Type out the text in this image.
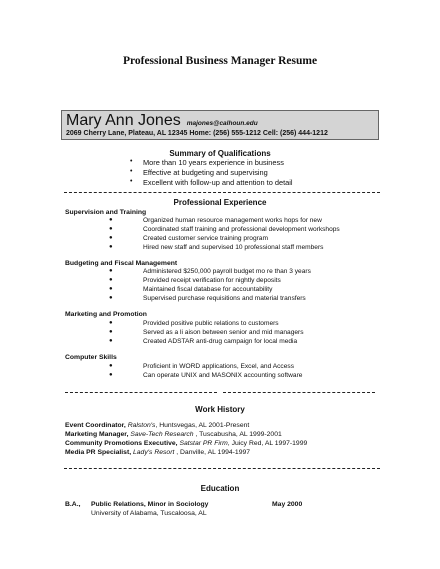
Professional Business Manager Resume
Mary Ann Jones majones@calhoun.edu
2069 Cherry Lane, Plateau, AL 12345 Home: (256) 555-1212 Cell: (256) 444-1212
Summary of Qualifications
• More than 10 years experience in business
• Effective at budgeting and supervising
• Excellent with follow-up and attention to detail
Professional Experience
Supervision and Training
●	Organized human resource management works hops for new
●	Coordinated staff training and professional development workshops
●	Created customer service training program
●	Hired new staff and supervised 10 professional staff members
Budgeting and Fiscal Management
●	Administered $250,000 payroll budget mo re than 3 years
●	Provided receipt verification for nightly deposits
●	Maintained fiscal database for accountability
●	Supervised purchase requisitions and material transfers
Marketing and Promotion
●	Provided positive public relations to customers
●	Served as a li aison between senior and mid managers
●	Created ADSTAR anti-drug campaign for local media
Computer Skills
●	Proficient in WORD applications, Excel, and Access
●	Can operate UNIX and MASONIX accounting software
Work History
Event Coordinator, Ralston's, Huntsvegas, AL 2001-Present
Marketing Manager, Save-Tech Research , Tuscabusha, AL 1999-2001
Community Promotions Executive, Satstar PR Firm, Juicy Red, AL 1997-1999
Media PR Specialist, Lady's Resort , Danville, AL 1994-1997
Education
B.A., Public Relations, Minor in Sociology	May 2000
University of Alabama, Tuscaloosa, AL
